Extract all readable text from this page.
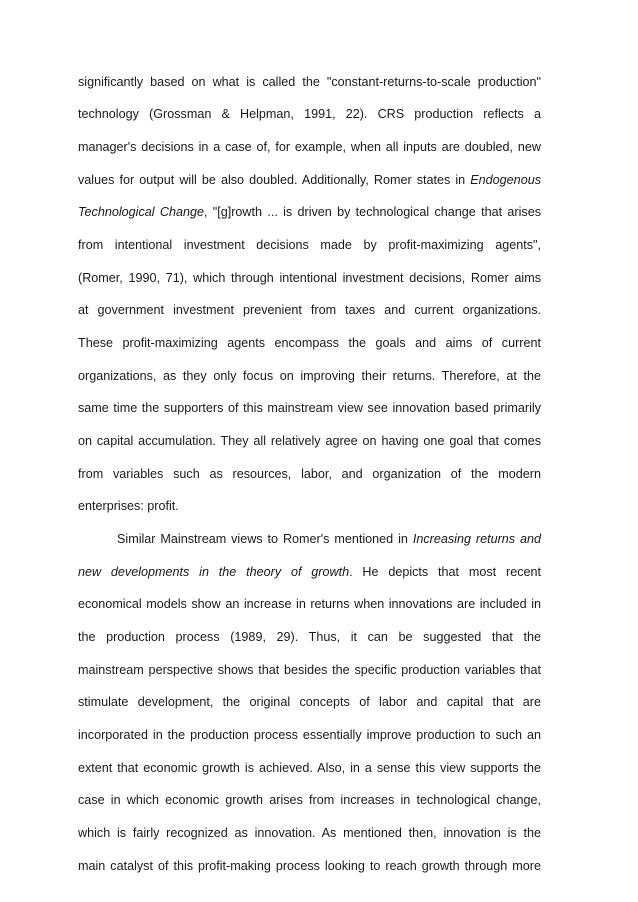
significantly based on what is called the "constant-returns-to-scale production"
technology (Grossman & Helpman, 1991, 22). CRS production reflects a
manager's decisions in a case of, for example, when all inputs are doubled, new
values for output will be also doubled. Additionally, Romer states in Endogenous
Technological Change, "[g]rowth ... is driven by technological change that arises
from intentional investment decisions made by profit-maximizing agents",
(Romer, 1990, 71), which through intentional investment decisions, Romer aims
at government investment prevenient from taxes and current organizations.
These profit-maximizing agents encompass the goals and aims of current
organizations, as they only focus on improving their returns. Therefore, at the
same time the supporters of this mainstream view see innovation based primarily
on capital accumulation. They all relatively agree on having one goal that comes
from variables such as resources, labor, and organization of the modern
enterprises: profit.
Similar Mainstream views to Romer's mentioned in Increasing returns and
new developments in the theory of growth. He depicts that most recent
economical models show an increase in returns when innovations are included in
the production process (1989, 29). Thus, it can be suggested that the
mainstream perspective shows that besides the specific production variables that
stimulate development, the original concepts of labor and capital that are
incorporated in the production process essentially improve production to such an
extent that economic growth is achieved. Also, in a sense this view supports the
case in which economic growth arises from increases in technological change,
which is fairly recognized as innovation. As mentioned then, innovation is the
main catalyst of this profit-making process looking to reach growth through more
